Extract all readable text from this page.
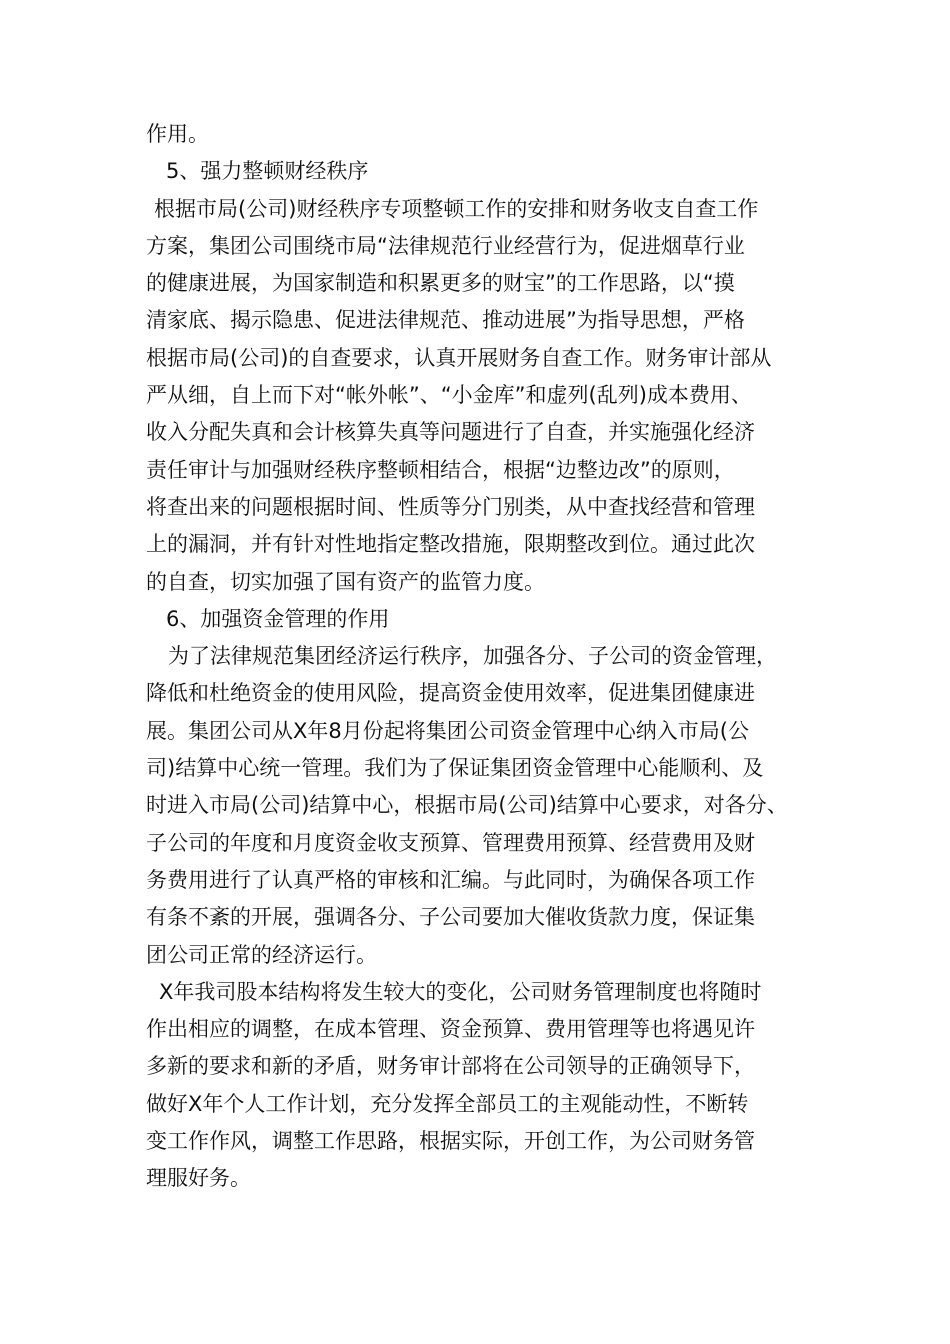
作用。
5、强力整顿财经秩序
根据市局(公司)财经秩序专项整顿工作的安排和财务收支自查工作
方案，集团公司围绕市局“法律规范行业经营行为，促进烟草行业
的健康进展，为国家制造和积累更多的财宝”的工作思路，以“摸
清家底、揭示隐患、促进法律规范、推动进展”为指导思想，严格
根据市局(公司)的自查要求，认真开展财务自查工作。财务审计部从
严从细，自上而下对“帐外帐”、“小金库”和虚列(乱列)成本费用、
收入分配失真和会计核算失真等问题进行了自查，并实施强化经济
责任审计与加强财经秩序整顿相结合，根据“边整边改”的原则，
将查出来的问题根据时间、性质等分门别类，从中查找经营和管理
上的漏洞，并有针对性地指定整改措施，限期整改到位。通过此次
的自查，切实加强了国有资产的监管力度。
6、加强资金管理的作用
为了法律规范集团经济运行秩序，加强各分、子公司的资金管理，
降低和杜绝资金的使用风险，提高资金使用效率，促进集团健康进
展。集团公司从X年8月份起将集团公司资金管理中心纳入市局(公
司)结算中心统一管理。我们为了保证集团资金管理中心能顺利、及
时进入市局(公司)结算中心，根据市局(公司)结算中心要求，对各分、
子公司的年度和月度资金收支预算、管理费用预算、经营费用及财
务费用进行了认真严格的审核和汇编。与此同时，为确保各项工作
有条不紊的开展，强调各分、子公司要加大催收货款力度，保证集
团公司正常的经济运行。
X年我司股本结构将发生较大的变化，公司财务管理制度也将随时
作出相应的调整，在成本管理、资金预算、费用管理等也将遇见许
多新的要求和新的矛盾，财务审计部将在公司领导的正确领导下，
做好X年个人工作计划，充分发挥全部员工的主观能动性，不断转
变工作作风，调整工作思路，根据实际，开创工作，为公司财务管
理服好务。
